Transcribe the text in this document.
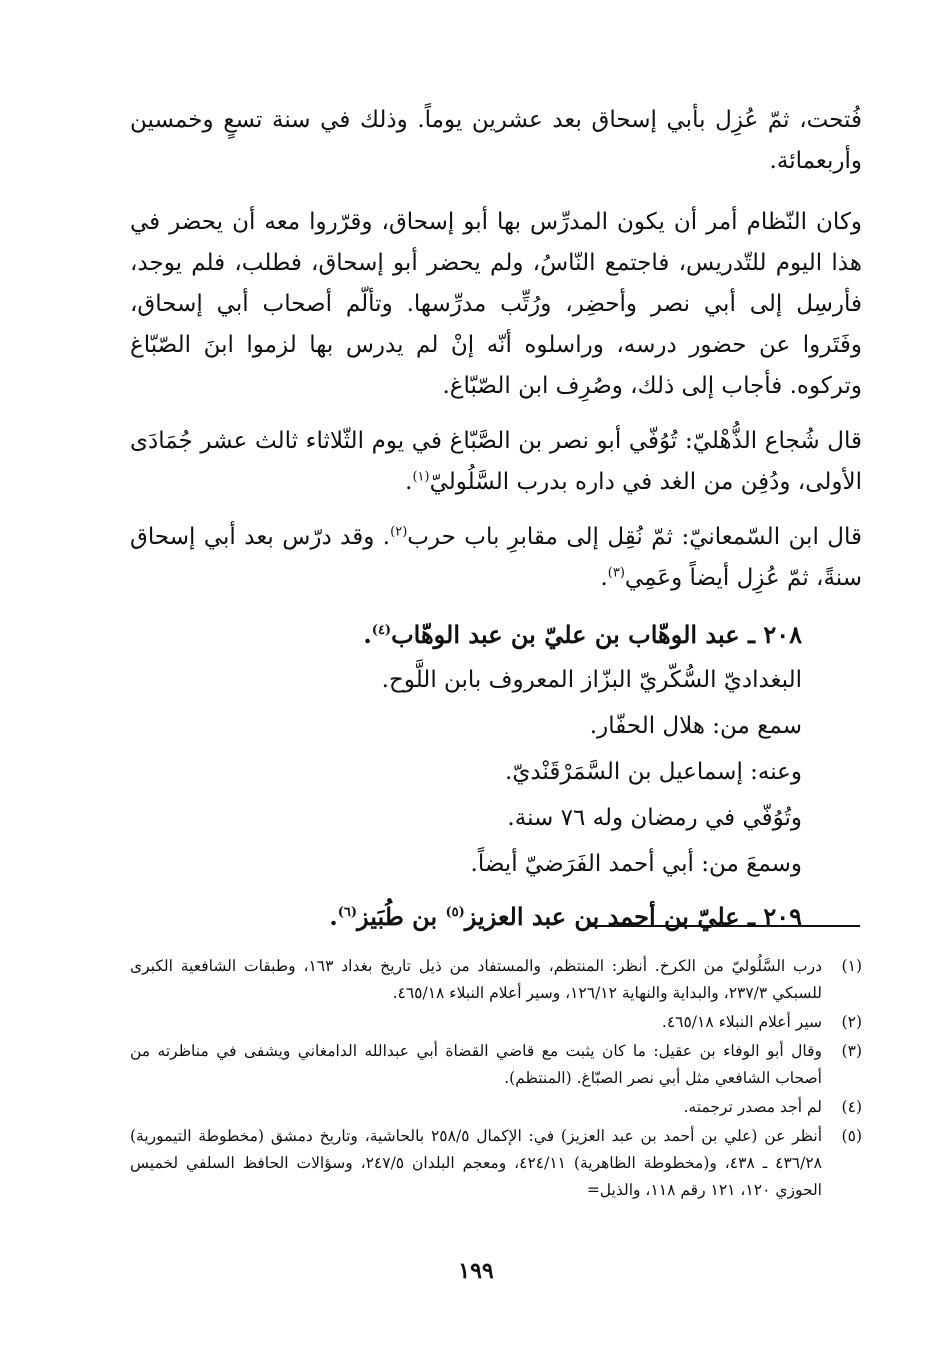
فُتحت، ثمّ عُزِل بأبي إسحاق بعد عشرين يوماً. وذلك في سنة تسعٍ وخمسين وأربعمائة.

وكان النّظام أمر أن يكون المدرِّس بها أبو إسحاق، وقرّروا معه أن يحضر في هذا اليوم للتّدريس، فاجتمع النّاسُ، ولم يحضر أبو إسحاق، فطلب، فلم يوجد، فأرسِل إلى أبي نصر وأحضِر، ورُتِّب مدرِّسها. وتألّم أصحاب أبي إسحاق، وفَتَروا عن حضور درسه، وراسلوه أنّه إنْ لم يدرس بها لزموا ابنَ الصّبّاغ وتركوه. فأجاب إلى ذلك، وصُرِف ابن الصّبّاغ.

قال شُجاع الذُّهْليّ: تُوُفّي أبو نصر بن الصَّبّاغ في يوم الثّلاثاء ثالث عشر جُمَادَى الأولى، ودُفِن من الغد في داره بدرب السَّلُوليّ$^{(١)}$.

قال ابن السّمعانيّ: ثمّ نُقِل إلى مقابرِ باب حرب$^{(٢)}$. وقد درّس بعد أبي إسحاق سنةً، ثمّ عُزِل أيضاً وعَمِي$^{(٣)}$.

٢٠٨ ـ عبد الوهّاب بن عليّ بن عبد الوهّاب$^{(٤)}$.
البغداديّ السُّكّريّ البزّاز المعروف بابن اللَّوح.
سمع من: هلال الحفّار.
وعنه: إسماعيل بن السَّمَرْقَنْديّ.
وتُوُفّي في رمضان وله ٧٦ سنة.
وسمعَ من: أبي أحمد الفَرَضيّ أيضاً.
٢٠٩ ـ عليّ بن أحمد بن عبد العزيز$^{(٥)}$ بن طُبَيز$^{(٦)}$.
(١)
درب السَّلُوليّ من الكرخ. أنظر: المنتظم، والمستفاد من ذيل تاريخ بغداد ١٦٣، وطبقات الشافعية الكبرى للسبكي ٢٣٧/٣، والبداية والنهاية ١٢٦/١٢، وسير أعلام النبلاء ٤٦٥/١٨.
(٢)
سير أعلام النبلاء ٤٦٥/١٨.
(٣)
وقال أبو الوفاء بن عقيل: ما كان يثبت مع قاضي القضاة أبي عبدالله الدامغاني ويشفى في مناظرته من أصحاب الشافعي مثل أبي نصر الصبّاغ. (المنتظم).
(٤)
لم أجد مصدر ترجمته.
(٥)
أنظر عن (علي بن أحمد بن عبد العزيز) في: الإكمال ٢٥٨/٥ بالحاشية، وتاريخ دمشق (مخطوطة التيمورية) ٤٣٦/٢٨ ـ ٤٣٨، و(مخطوطة الظاهرية) ٤٢٤/١١، ومعجم البلدان ٢٤٧/٥، وسؤالات الحافظ السلفي لخميس الحوزي ١٢٠، ١٢١ رقم ١١٨، والذيل=
١٩٩
